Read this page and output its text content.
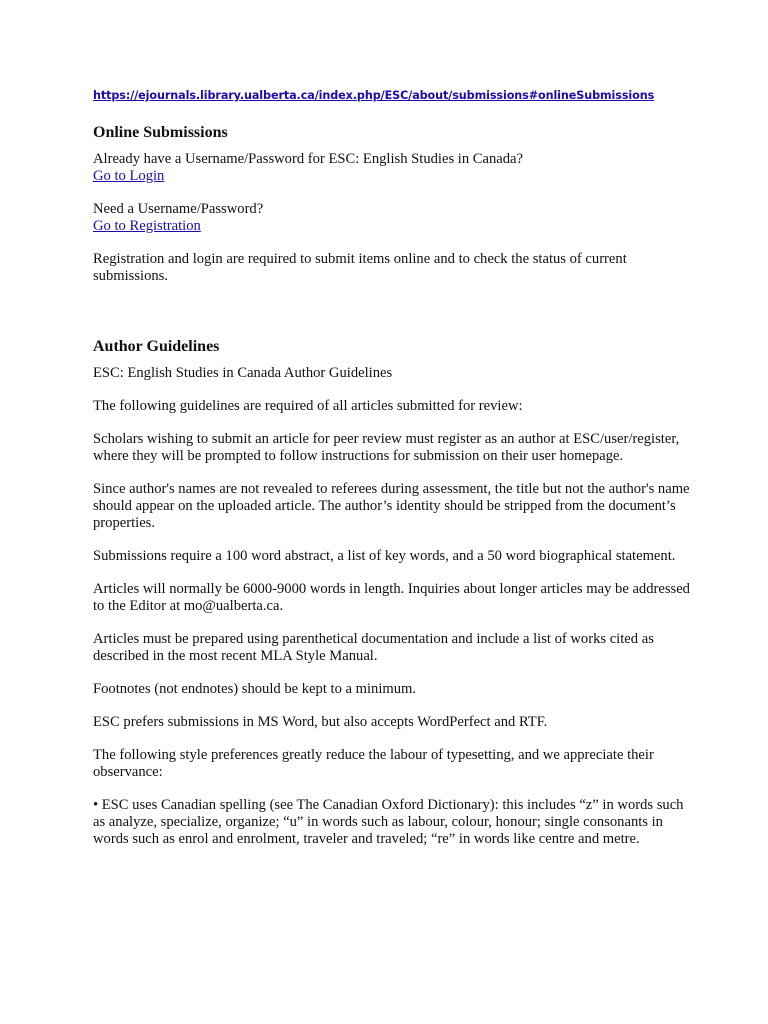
https://ejournals.library.ualberta.ca/index.php/ESC/about/submissions#onlineSubmissions
Online Submissions

Already have a Username/Password for ESC: English Studies in Canada?

Go to Login

Need a Username/Password?

Go to Registration

Registration and login are required to submit items online and to check the status of current submissions.

Author Guidelines

ESC: English Studies in Canada Author Guidelines

The following guidelines are required of all articles submitted for review:

Scholars wishing to submit an article for peer review must register as an author at ESC/user/register, where they will be prompted to follow instructions for submission on their user homepage.

Since author's names are not revealed to referees during assessment, the title but not the author's name should appear on the uploaded article. The author’s identity should be stripped from the document’s properties.

Submissions require a 100 word abstract, a list of key words, and a 50 word biographical statement.

Articles will normally be 6000-9000 words in length. Inquiries about longer articles may be addressed to the Editor at mo@ualberta.ca.

Articles must be prepared using parenthetical documentation and include a list of works cited as described in the most recent MLA Style Manual.

Footnotes (not endnotes) should be kept to a minimum.

ESC prefers submissions in MS Word, but also accepts WordPerfect and RTF.

The following style preferences greatly reduce the labour of typesetting, and we appreciate their observance:

• ESC uses Canadian spelling (see The Canadian Oxford Dictionary): this includes “z” in words such as analyze, specialize, organize; “u” in words such as labour, colour, honour; single consonants in words such as enrol and enrolment, traveler and traveled; “re” in words like centre and metre.
